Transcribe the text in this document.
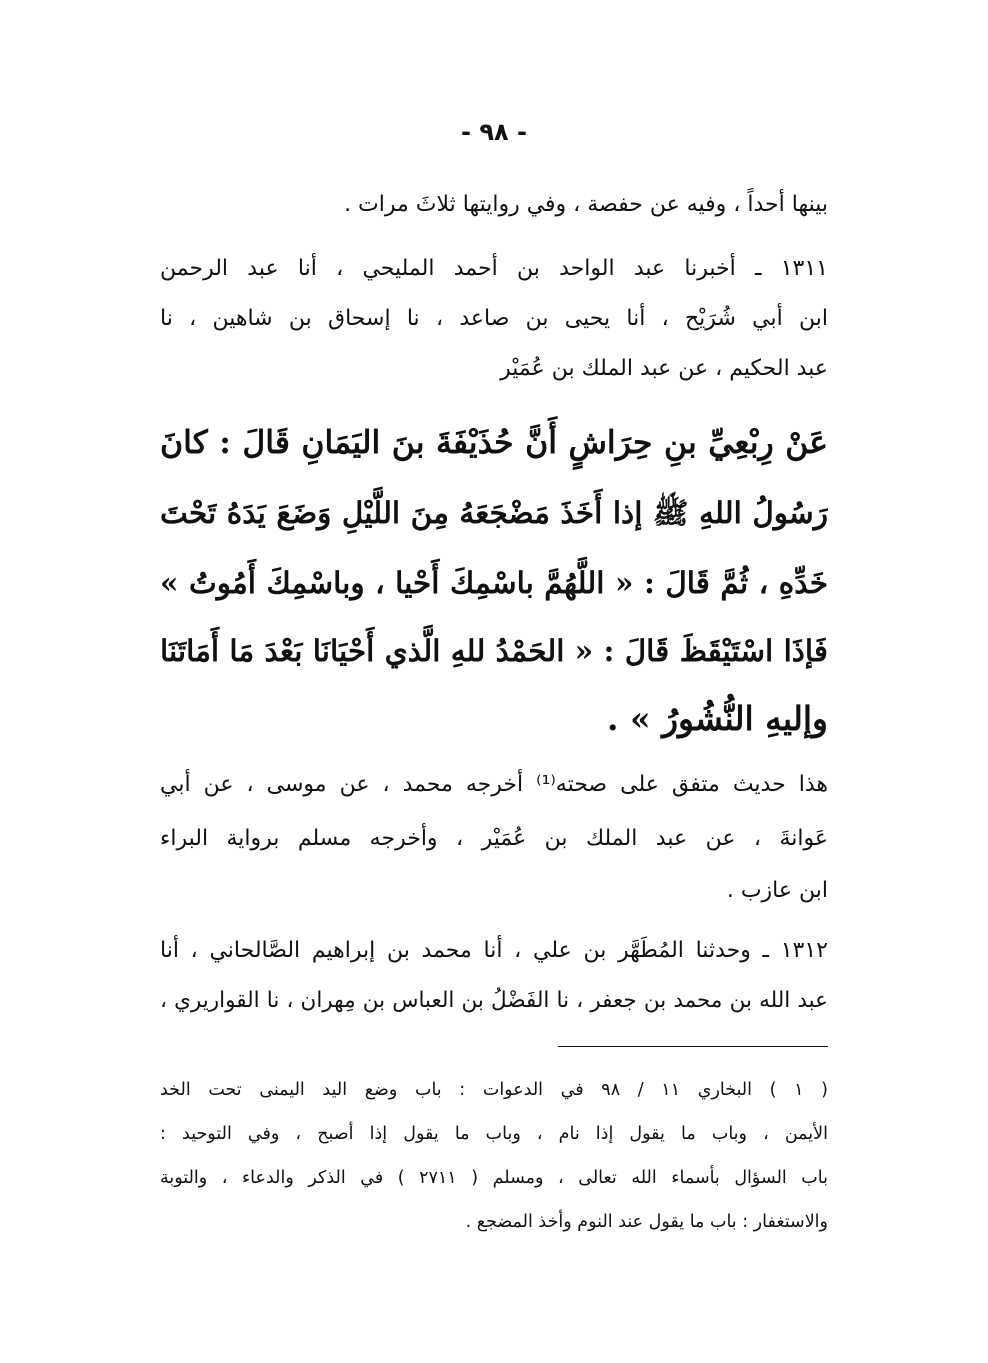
- ٩٨ -
بينها أحداً ، وفيه عن حفصة ، وفي روايتها ثلاثَ مرات .
١٣١١ ـ أخبرنا عبد الواحد بن أحمد المليحي ، أنا عبد الرحمن
ابن أبي شُرَيْح ، أنا يحيى بن صاعد ، نا إسحاق بن شاهين ، نا
عبد الحكيم ، عن عبد الملك بن عُمَيْر
عَنْ رِبْعِيِّ بنِ حِرَاشٍ أَنَّ حُذَيْفَةَ بنَ اليَمَانِ قَالَ : كانَ
رَسُولُ اللهِ ﷺ إذا أَخَذَ مَضْجَعَهُ مِنَ اللَّيْلِ وَضَعَ يَدَهُ تَحْتَ
خَدِّهِ ، ثُمَّ قَالَ : « اللَّهُمَّ باسْمِكَ أَحْيا ، وباسْمِكَ أَمُوتُ »
فَإذَا اسْتَيْقَظَ قَالَ : « الحَمْدُ للهِ الَّذي أَحْيَانَا بَعْدَ مَا أَمَاتَنَا
وإليهِ النُّشُورُ » .
هذا حديث متفق على صحته⁽¹⁾ أخرجه محمد ، عن موسى ، عن أبي
عَوانةَ ، عن عبد الملك بن عُمَيْر ، وأخرجه مسلم برواية البراء
ابن عازب .
١٣١٢ ـ وحدثنا المُطَهَّر بن علي ، أنا محمد بن إبراهيم الصَّالحاني ، أنا
عبد الله بن محمد بن جعفر ، نا الفَضْلُ بن العباس بن مِهران ، نا القواريري ،
( ١ ) البخاري ١١ / ٩٨ في الدعوات : باب وضع اليد اليمنى تحت الخد
الأيمن ، وباب ما يقول إذا نام ، وباب ما يقول إذا أصبح ، وفي التوحيد :
باب السؤال بأسماء الله تعالى ، ومسلم ( ٢٧١١ ) في الذكر والدعاء ، والتوبة
والاستغفار : باب ما يقول عند النوم وأخذ المضجع .
